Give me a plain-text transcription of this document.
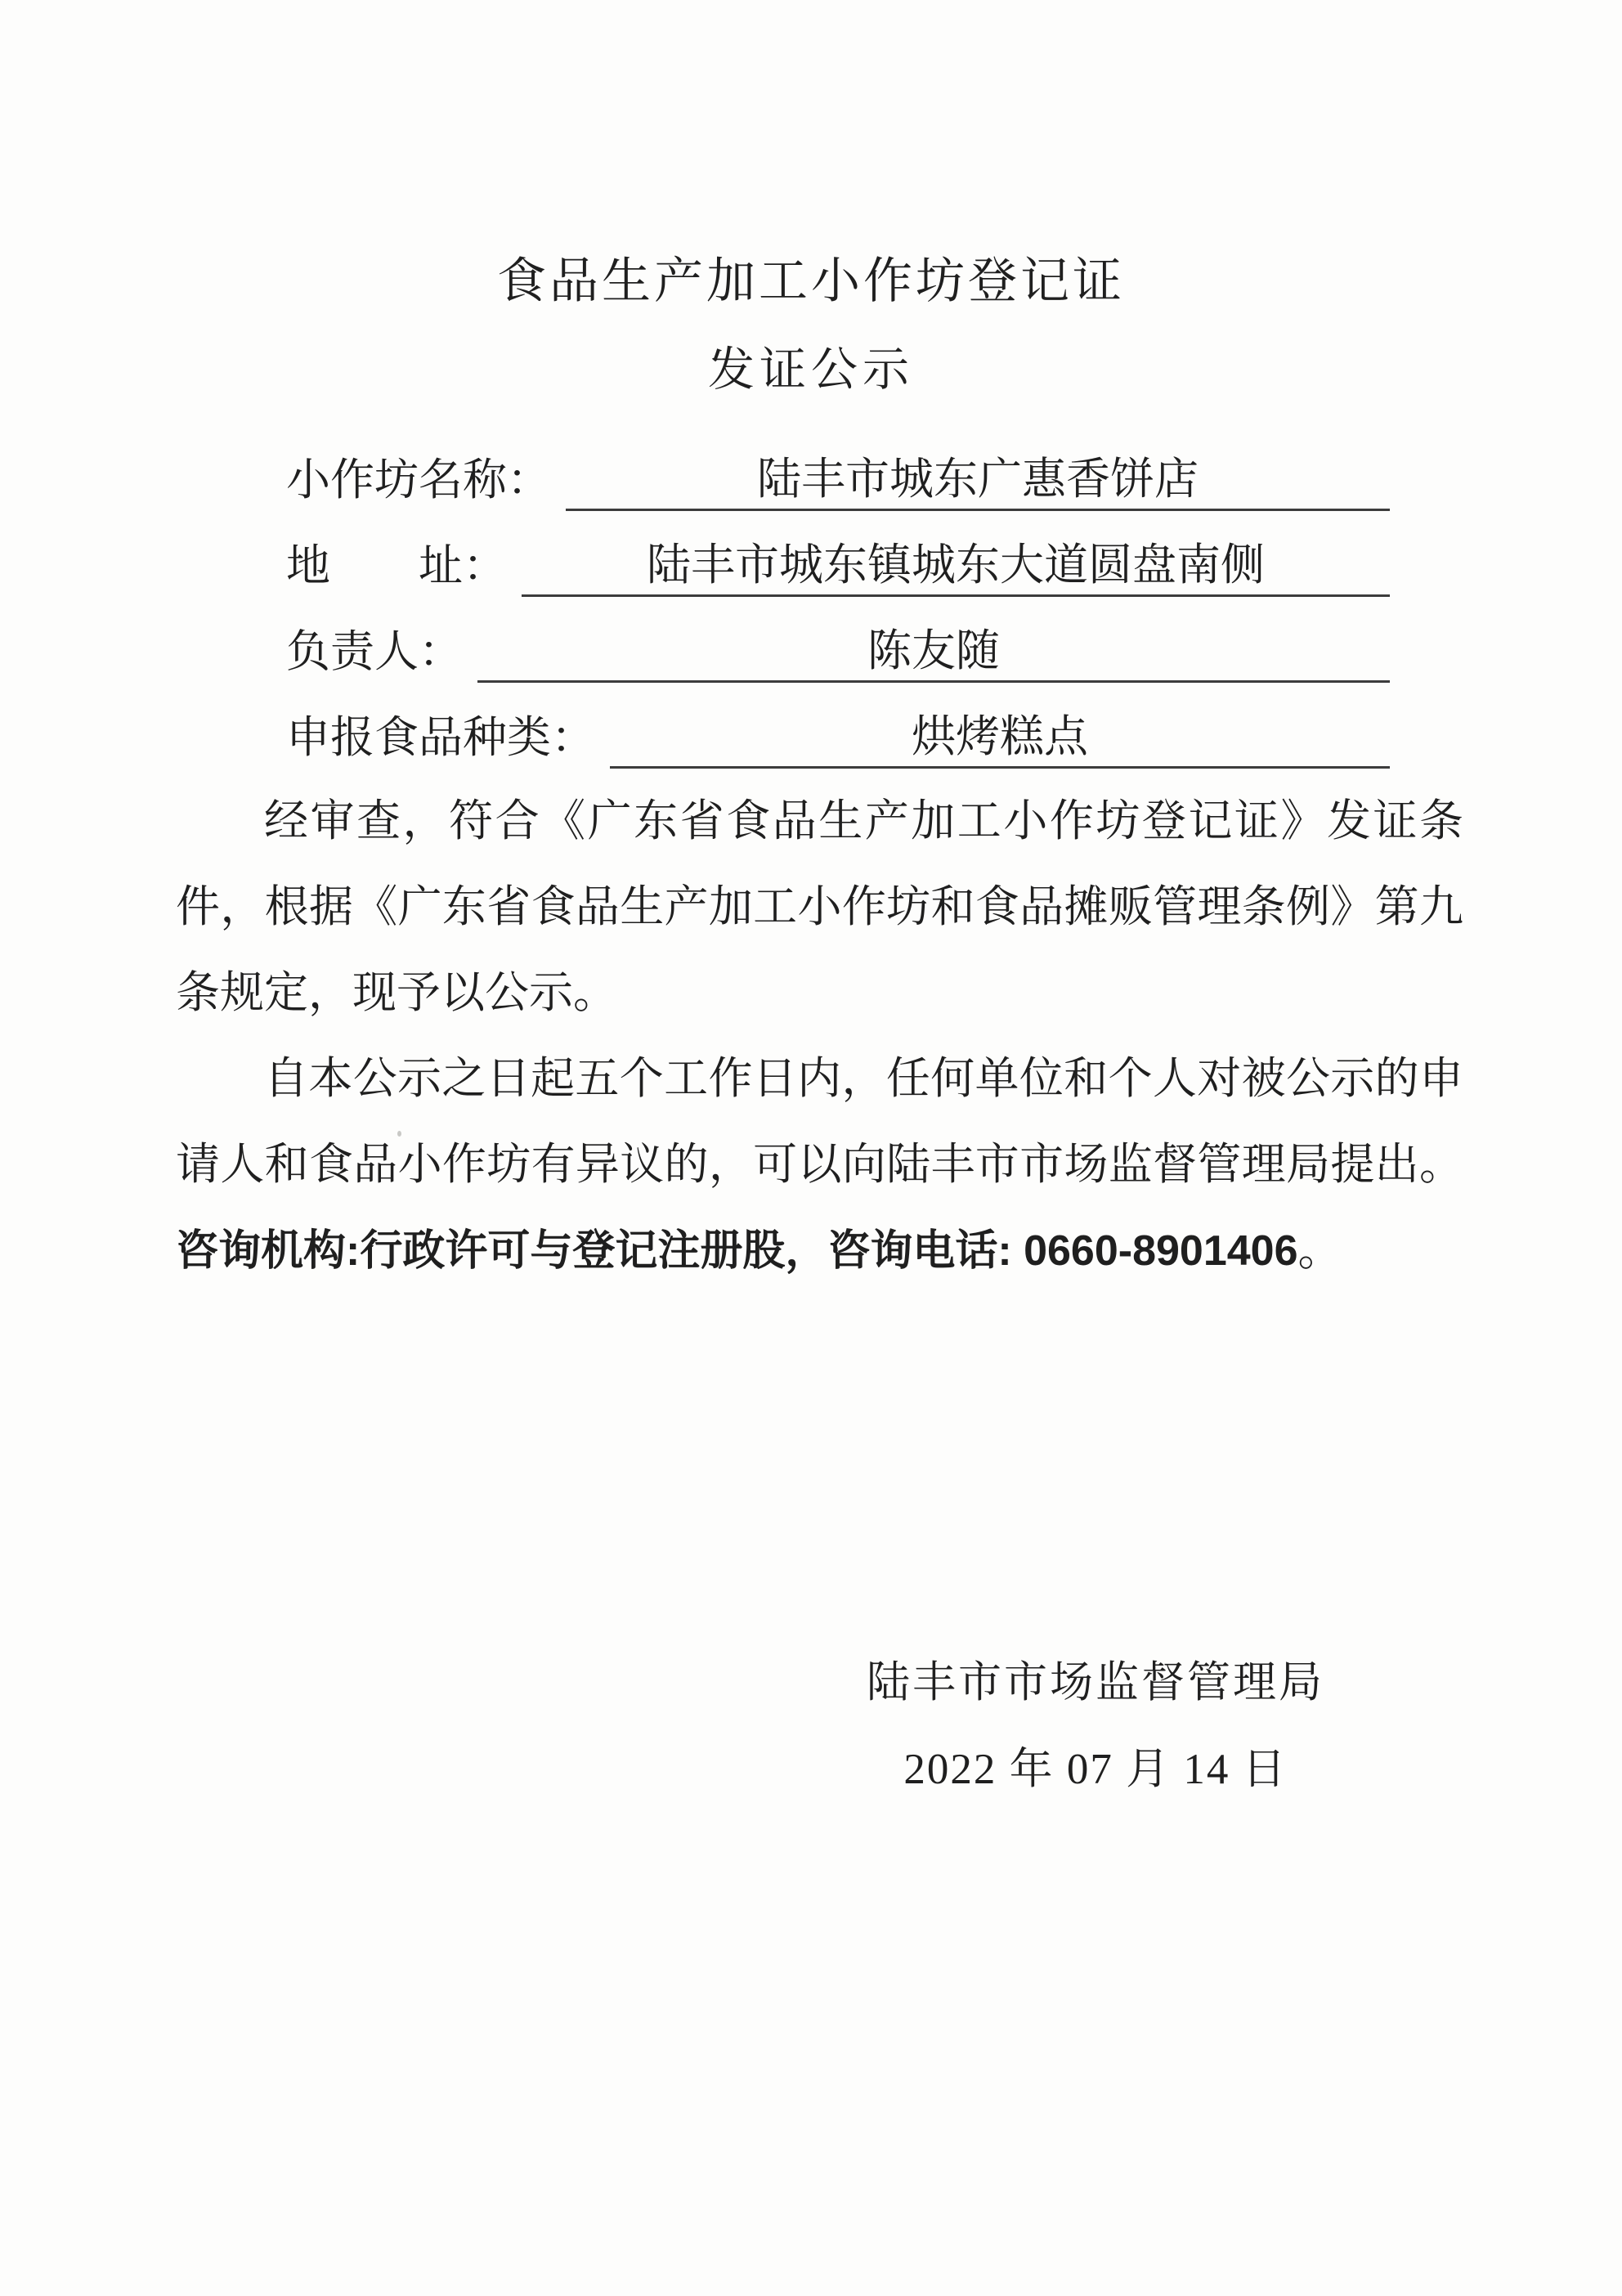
食品生产加工小作坊登记证
发证公示
小作坊名称：	陆丰市城东广惠香饼店
地　　址：	陆丰市城东镇城东大道圆盘南侧
负责人：	陈友随
申报食品种类：	烘烤糕点

经审查，符合《广东省食品生产加工小作坊登记证》发证条件，根据《广东省食品生产加工小作坊和食品摊贩管理条例》第九条规定，现予以公示。

自本公示之日起五个工作日内，任何单位和个人对被公示的申请人和食品小作坊有异议的，可以向陆丰市市场监督管理局提出。咨询机构:行政许可与登记注册股，咨询电话: 0660-8901406。

陆丰市市场监督管理局

2022 年 07 月 14 日
